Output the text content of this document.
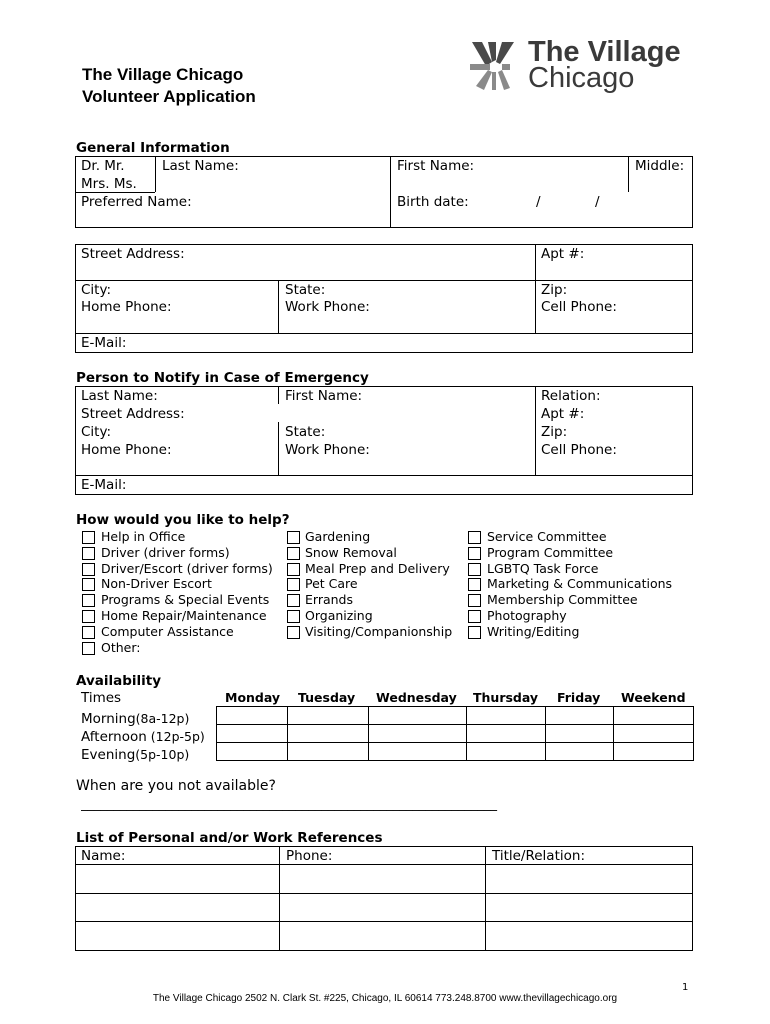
The Village Chicago
Volunteer Application
The Village
Chicago
General Information
Dr. Mr.
Mrs. Ms.
Last Name:	First Name:	Middle:
Preferred Name:	Birth date:	/	/
Street Address:	Apt #:
City:	State:	Zip:
Home Phone:	Work Phone:	Cell Phone:
E-Mail:
Person to Notify in Case of Emergency
Last Name:	First Name:	Relation:
Street Address:	Apt #:
City:	State:	Zip:
Home Phone:	Work Phone:	Cell Phone:
E-Mail:
How would you like to help?
Help in Office
Driver (driver forms)
Driver/Escort (driver forms)
Non-Driver Escort
Programs & Special Events
Home Repair/Maintenance
Computer Assistance
Other:
Gardening
Snow Removal
Meal Prep and Delivery
Pet Care
Errands
Organizing
Visiting/Companionship
Service Committee
Program Committee
LGBTQ Task Force
Marketing & Communications
Membership Committee
Photography
Writing/Editing
Availability
Times	Monday Tuesday Wednesday Thursday Friday Weekend
Morning(8a-12p)
Afternoon (12p-5p)
Evening(5p-10p)
When are you not available?
________________________________________________________________
List of Personal and/or Work References
Name:	Phone:	Title/Relation:
1
The Village Chicago 2502 N. Clark St. #225, Chicago, IL 60614 773.248.8700 www.thevillagechicago.org
